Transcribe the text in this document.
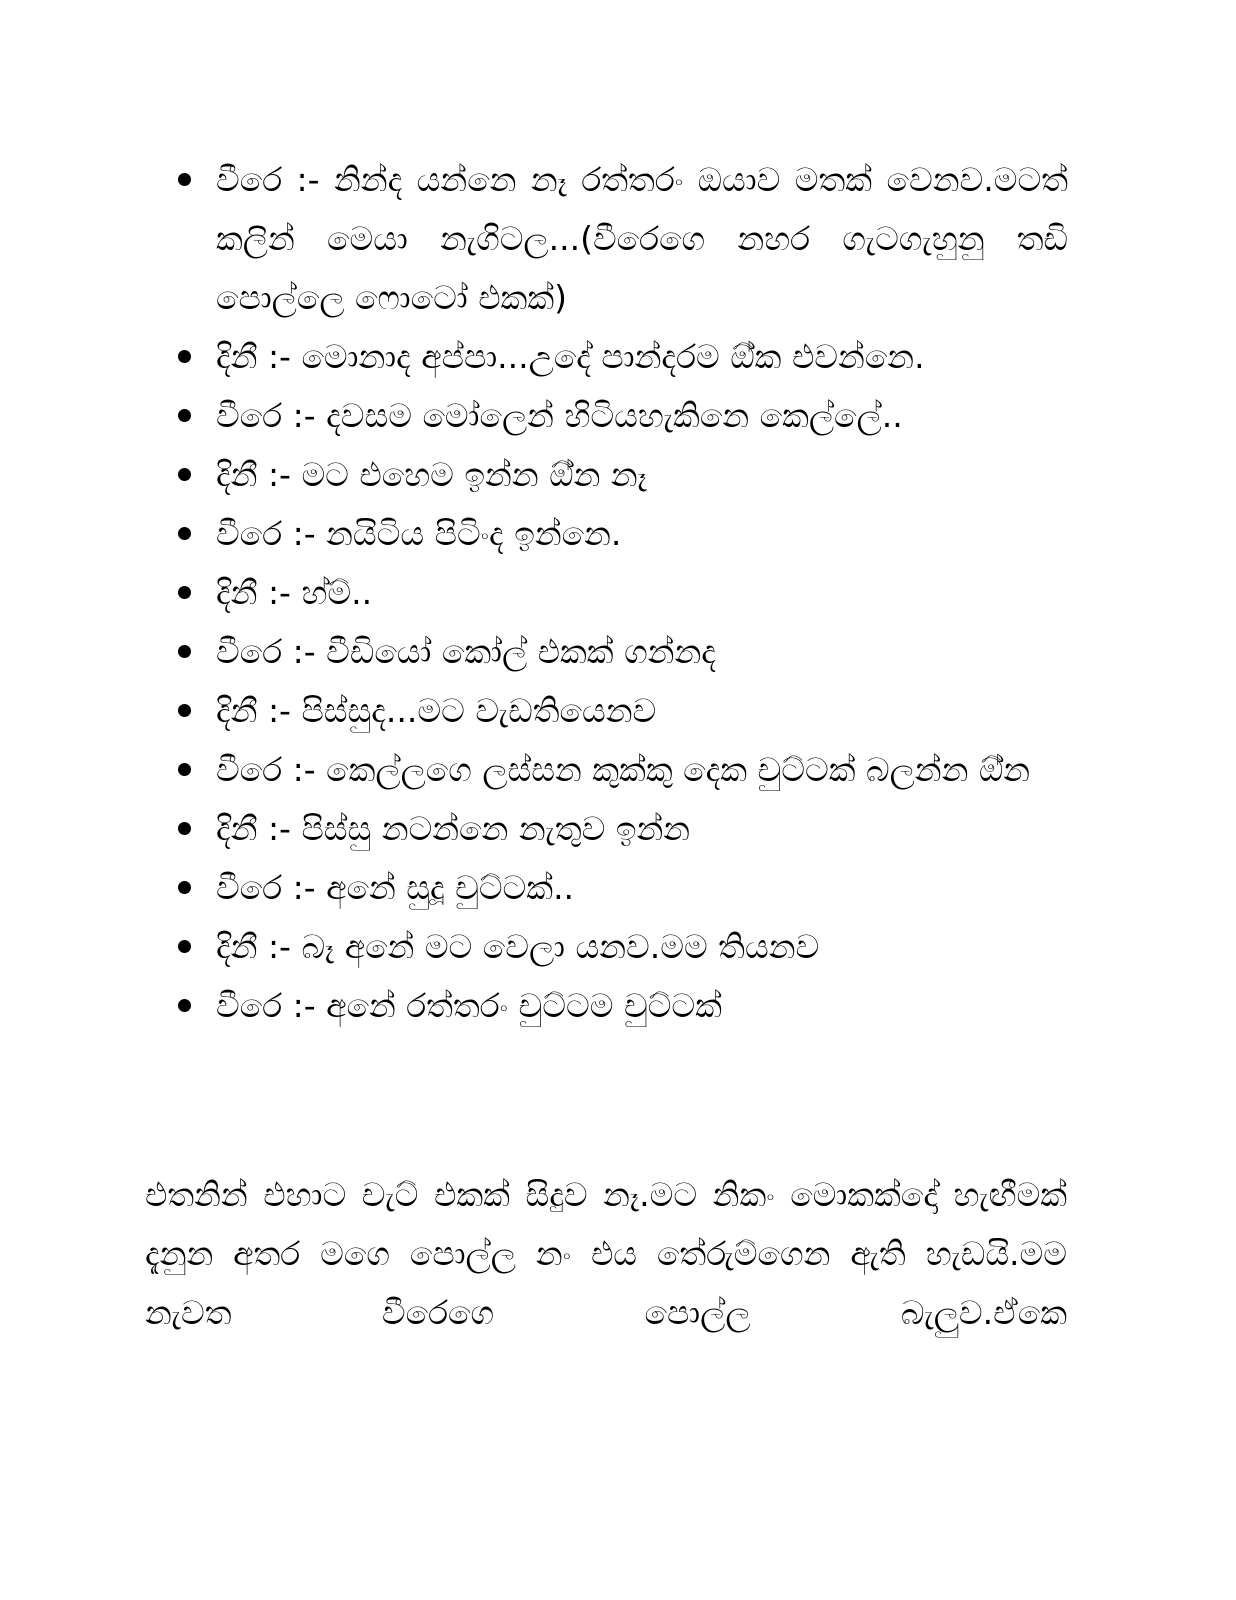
වීරෙ :- නින්ද යන්නෙ නෑ රත්තරං ඔයාව මතක් වෙනව.මටත් කලින් මෙයා නැගිටල...(වීරෙගෙ නහර ගැටගැහුනු තඩි පොල්ලෙ ෆොටෝ එකක්)
දිනී :- මොනාද අප්පා...උදේ පාන්දරම ඕ්ක එවන්නෙ.
වීරෙ :- දවසම මෝලෙන් හිටියහැකිනෙ කෙල්ලේ..
දිනී :- මට එහෙම ඉන්න ඕ්න නෑ
වීරෙ :- නයිටිය පිටිංද ඉන්නෙ.
දිනී :- හ්ම්..
වීරෙ :- වීඩියෝ කෝල් එකක් ගන්නද
දිනී :- පිස්සුද...මට වැඩතියෙනව
වීරෙ :- කෙල්ලගෙ ලස්සන කුක්කු දෙක චුට්ටක් බලන්න ඕ්න
දිනී :- පිස්සු නටන්නෙ නැතුව ඉන්න
වීරෙ :- අනේ සුදූ චුට්ටක්..
දිනී :- බෑ අනේ මට වෙලා යනව.මම තියනව
වීරෙ :- අනේ රත්තරං චුට්ටම චුට්ටක්

එතනින් එහාට චැට් එකක් සිදුව නෑ.මට නිකං මොකක්දෝ හැඟීමක් දැනුන අතර මගෙ පොල්ල නං එය තේරුම්ගෙන ඇති හැඩයි.මම නැවත වීරෙගෙ පොල්ල බැලුව.ඒකෙ
